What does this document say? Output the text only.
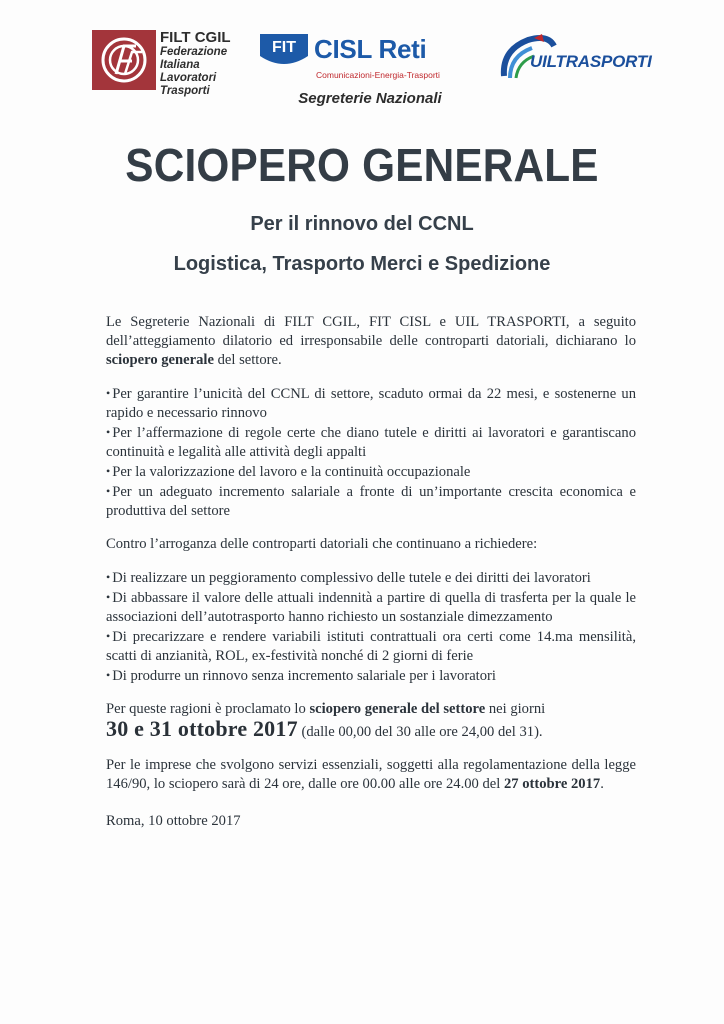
FILT CGIL
Federazione
Italiana
Lavoratori
Trasporti
FIT CISL Reti
Comunicazioni-Energia-Trasporti
Segreterie Nazionali
UILTRASPORTI
SCIOPERO GENERALE
Per il rinnovo del CCNL
Logistica, Trasporto Merci e Spedizione

Le Segreterie Nazionali di FILT CGIL, FIT CISL e UIL TRASPORTI, a seguito dell’atteggiamento dilatorio ed irresponsabile delle controparti datoriali, dichiarano lo sciopero generale del settore.

• Per garantire l’unicità del CCNL di settore, scaduto ormai da 22 mesi, e sostenerne un rapido e necessario rinnovo

• Per l’affermazione di regole certe che diano tutele e diritti ai lavoratori e garantiscano continuità e legalità alle attività degli appalti

• Per la valorizzazione del lavoro e la continuità occupazionale

• Per un adeguato incremento salariale a fronte di un’importante crescita economica e produttiva del settore

Contro l’arroganza delle controparti datoriali che continuano a richiedere:

• Di realizzare un peggioramento complessivo delle tutele e dei diritti dei lavoratori

• Di abbassare il valore delle attuali indennità a partire di quella di trasferta per la quale le associazioni dell’autotrasporto hanno richiesto un sostanziale dimezzamento

• Di precarizzare e rendere variabili istituti contrattuali ora certi come 14.ma mensilità, scatti di anzianità, ROL, ex-festività nonché di 2 giorni di ferie

• Di produrre un rinnovo senza incremento salariale per i lavoratori

Per queste ragioni è proclamato lo sciopero generale del settore nei giorni

30 e 31 ottobre 2017 (dalle 00,00 del 30 alle ore 24,00 del 31).

Per le imprese che svolgono servizi essenziali, soggetti alla regolamentazione della legge 146/90, lo sciopero sarà di 24 ore, dalle ore 00.00 alle ore 24.00 del 27 ottobre 2017.

Roma, 10 ottobre 2017
